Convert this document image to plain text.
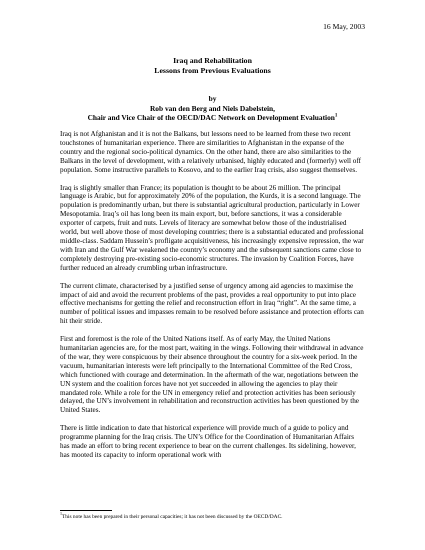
16 May, 2003
Iraq and Rehabilitation
Lessons from Previous Evaluations
by
Rob van den Berg and Niels Dabelstein,
Chair and Vice Chair of the OECD/DAC Network on Development Evaluation$^1$

Iraq is not Afghanistan and it is not the Balkans, but lessons need to be learned from these two recent touchstones of humanitarian experience. There are similarities to Afghanistan in the expanse of the country and the regional socio-political dynamics. On the other hand, there are also similarities to the Balkans in the level of development, with a relatively urbanised, highly educated and (formerly) well off population. Some instructive parallels to Kosovo, and to the earlier Iraq crisis, also suggest themselves.

Iraq is slightly smaller than France; its population is thought to be about 26 million. The principal language is Arabic, but for approximately 20% of the population, the Kurds, it is a second language. The population is predominantly urban, but there is substantial agricultural production, particularly in Lower Mesopotamia. Iraq’s oil has long been its main export, but, before sanctions, it was a considerable exporter of carpets, fruit and nuts. Levels of literacy are somewhat below those of the industrialised world, but well above those of most developing countries; there is a substantial educated and professional middle-class. Saddam Hussein’s profligate acquisitiveness, his increasingly expensive repression, the war with Iran and the Gulf War weakened the country’s economy and the subsequent sanctions came close to completely destroying pre-existing socio-economic structures. The invasion by Coalition Forces, have further reduced an already crumbling urban infrastructure.

The current climate, characterised by a justified sense of urgency among aid agencies to maximise the impact of aid and avoid the recurrent problems of the past, provides a real opportunity to put into place effective mechanisms for getting the relief and reconstruction effort in Iraq “right”. At the same time, a number of political issues and impasses remain to be resolved before assistance and protection efforts can hit their stride.

First and foremost is the role of the United Nations itself. As of early May, the United Nations humanitarian agencies are, for the most part, waiting in the wings. Following their withdrawal in advance of the war, they were conspicuous by their absence throughout the country for a six-week period. In the vacuum, humanitarian interests were left principally to the International Committee of the Red Cross, which functioned with courage and determination. In the aftermath of the war, negotiations between the UN system and the coalition forces have not yet succeeded in allowing the agencies to play their mandated role. While a role for the UN in emergency relief and protection activities has been seriously delayed, the UN’s involvement in rehabilitation and reconstruction activities has been questioned by the United States.

There is little indication to date that historical experience will provide much of a guide to policy and programme planning for the Iraq crisis. The UN’s Office for the Coordination of Humanitarian Affairs has made an effort to bring recent experience to bear on the current challenges. Its sidelining, however, has mooted its capacity to inform operational work with

$^1$This note has been prepared in their personal capacities; it has not been discussed by the OECD/DAC.
